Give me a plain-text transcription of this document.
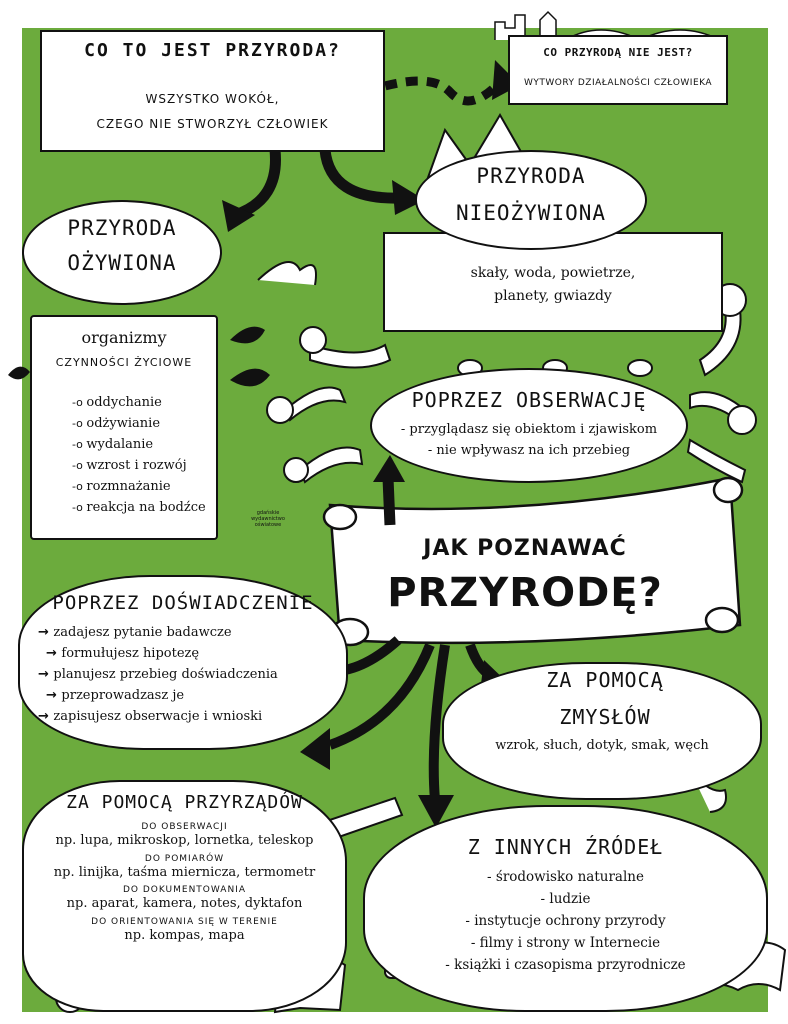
CO TO JEST PRZYRODA?
WSZYSTKO WOKÓŁ,
CZEGO NIE STWORZYŁ CZŁOWIEK
CO PRZYRODĄ NIE JEST?
WYTWORY DZIAŁALNOŚCI CZŁOWIEKA
PRZYRODA
OŻYWIONA
organizmy
CZYNNOŚCI ŻYCIOWE
-o oddychanie
-o odżywianie
-o wydalanie
-o wzrost i rozwój
-o rozmnażanie
-o reakcja na bodźce
PRZYRODA
NIEOŻYWIONA
skały, woda, powietrze,
planety, gwiazdy
POPRZEZ OBSERWACJĘ
- przyglądasz się obiektom i zjawiskom
- nie wpływasz na ich przebieg
gdańskie
wydawnictwo
oświatowe
JAK POZNAWAĆ
PRZYRODĘ?
POPRZEZ DOŚWIADCZENIE
→ zadajesz pytanie badawcze
→ formułujesz hipotezę
→ planujesz przebieg doświadczenia
→ przeprowadzasz je
→ zapisujesz obserwacje i wnioski
ZA POMOCĄ
ZMYSŁÓW
wzrok, słuch, dotyk, smak, węch
ZA POMOCĄ PRZYRZĄDÓW
DO OBSERWACJI
np. lupa, mikroskop, lornetka, teleskop
DO POMIARÓW
np. linijka, taśma miernicza, termometr
DO DOKUMENTOWANIA
np. aparat, kamera, notes, dyktafon
DO ORIENTOWANIA SIĘ W TERENIE
np. kompas, mapa
Z INNYCH ŹRÓDEŁ
- środowisko naturalne
- ludzie
- instytucje ochrony przyrody
- filmy i strony w Internecie
- książki i czasopisma przyrodnicze
